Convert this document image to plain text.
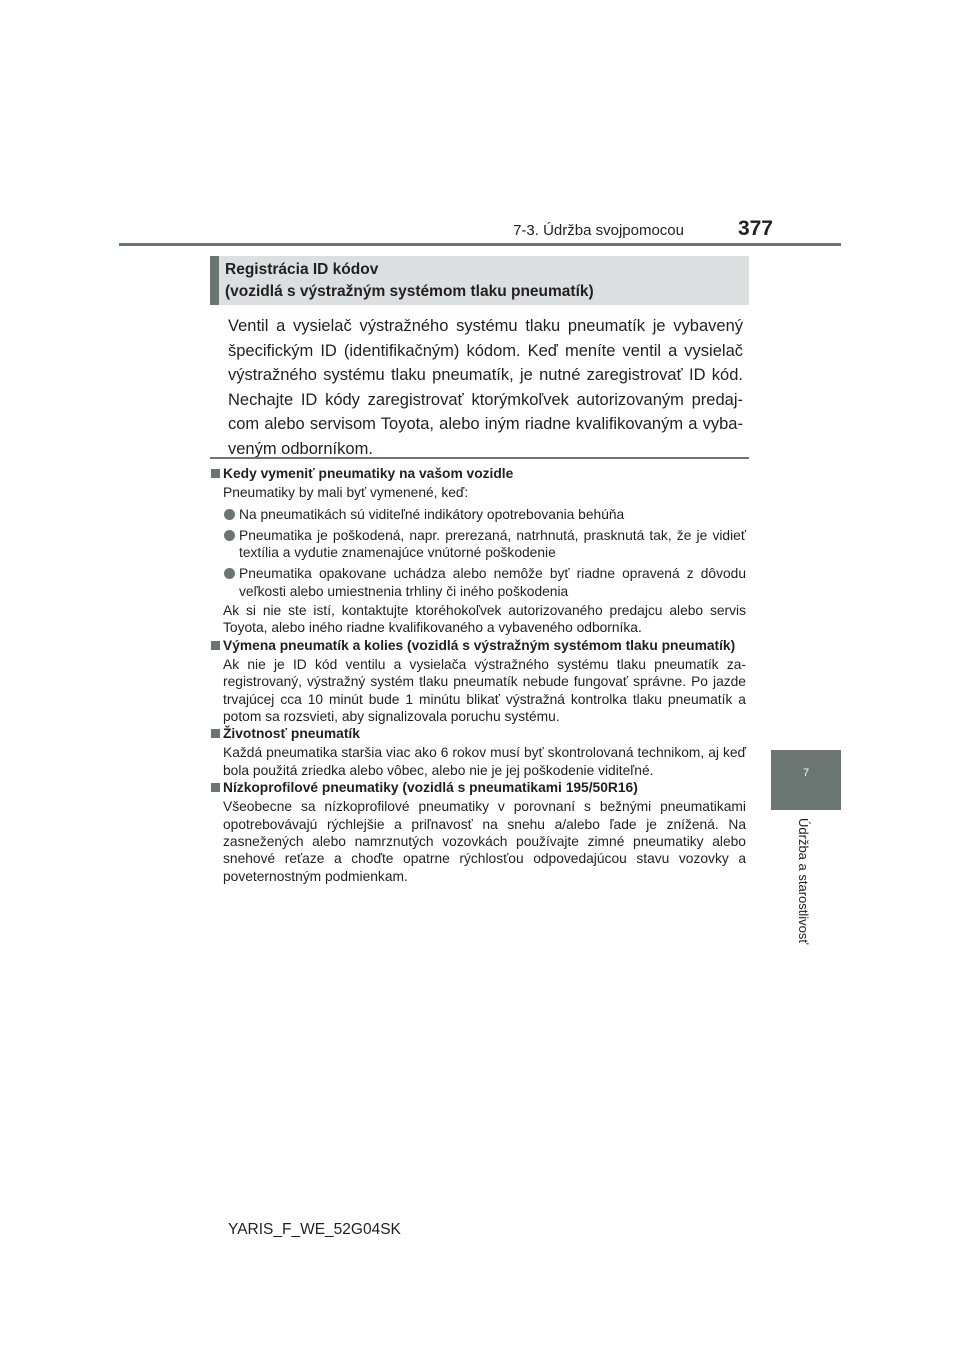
7-3. Údržba svojpomocou	377
7
Údržba a starostlivosť
Registrácia ID kódov
(vozidlá s výstražným systémom tlaku pneumatík)

Ventil a vysielač výstražného systému tlaku pneumatík je vybavený špecifickým ID (identifikačným) kódom. Keď meníte ventil a vysielač výstražného systému tlaku pneumatík, je nutné zaregistrovať ID kód. Nechajte ID kódy zaregistrovať ktorýmkoľvek autorizovaným predajcom alebo servisom Toyota, alebo iným riadne kvalifikovaným a vybaveným odborníkom.

Kedy vymeniť pneumatiky na vašom vozidle
Pneumatiky by mali byť vymenené, keď:
Na pneumatikách sú viditeľné indikátory opotrebovania behúňa
Pneumatika je poškodená, napr. prerezaná, natrhnutá, prasknutá tak, že je vidieť textília a vydutie znamenajúce vnútorné poškodenie
Pneumatika opakovane uchádza alebo nemôže byť riadne opravená z dôvodu veľkosti alebo umiestnenia trhliny či iného poškodenia
Ak si nie ste istí, kontaktujte ktoréhokoľvek autorizovaného predajcu alebo servis Toyota, alebo iného riadne kvalifikovaného a vybaveného odborníka.
Výmena pneumatík a kolies (vozidlá s výstražným systémom tlaku pneumatík)
Ak nie je ID kód ventilu a vysielača výstražného systému tlaku pneumatík zaregistrovaný, výstražný systém tlaku pneumatík nebude fungovať správne. Po jazde trvajúcej cca 10 minút bude 1 minútu blikať výstražná kontrolka tlaku pneumatík a potom sa rozsvieti, aby signalizovala poruchu systému.
Životnosť pneumatík
Každá pneumatika staršia viac ako 6 rokov musí byť skontrolovaná technikom, aj keď bola použitá zriedka alebo vôbec, alebo nie je jej poškodenie viditeľné.
Nízkoprofilové pneumatiky (vozidlá s pneumatikami 195/50R16)
Všeobecne sa nízkoprofilové pneumatiky v porovnaní s bežnými pneumatikami opotrebovávajú rýchlejšie a priľnavosť na snehu a/alebo ľade je znížená. Na zasnežených alebo namrznutých vozovkách používajte zimné pneumatiky alebo snehové reťaze a choďte opatrne rýchlosťou odpovedajúcou stavu vozovky a poveternostným podmienkam.
YARIS_F_WE_52G04SK
